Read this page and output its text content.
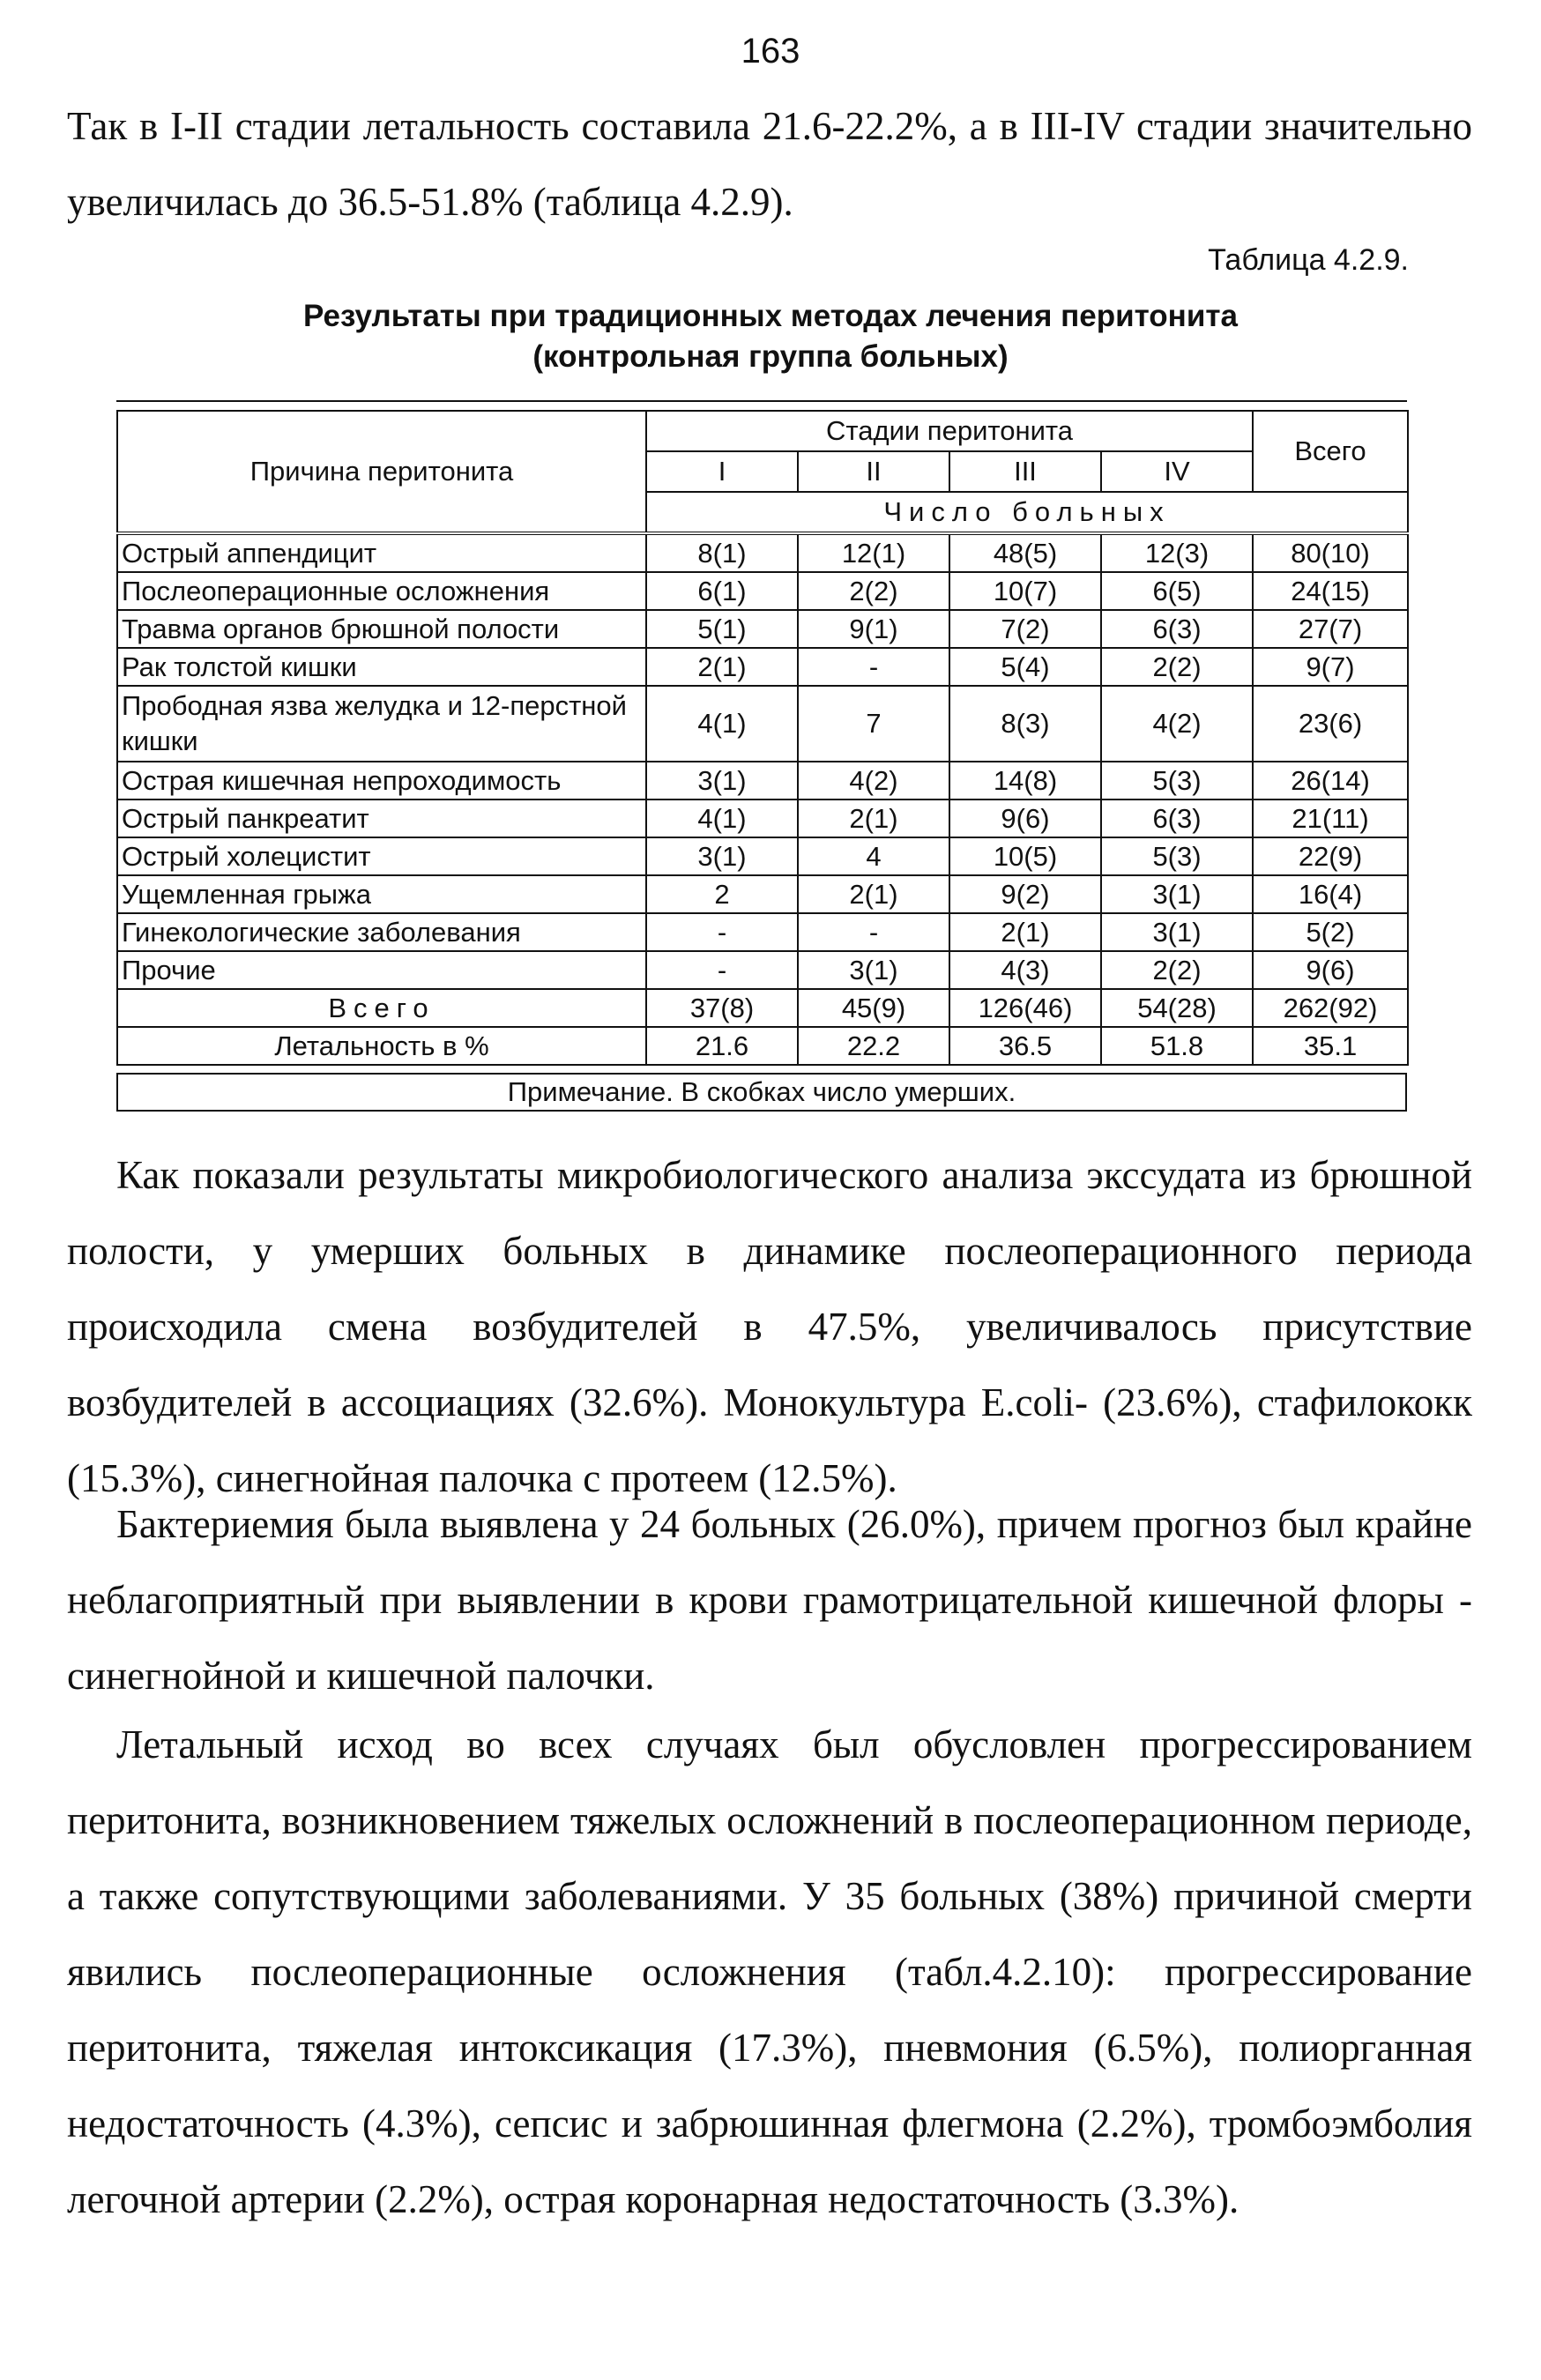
163

Так в I-II стадии летальность составила 21.6-22.2%, а в III-IV стадии значительно увеличилась до 36.5-51.8% (таблица 4.2.9).

Таблица 4.2.9.
Результаты при традиционных методах лечения перитонита
(контрольная группа больных)
Причина перитонита	Стадии перитонита				Всего
	I	II	III	IV	
	Число больных				
Острый аппендицит	8(1)	12(1)	48(5)	12(3)	80(10)
Послеоперационные осложнения	6(1)	2(2)	10(7)	6(5)	24(15)
Травма органов брюшной полости	5(1)	9(1)	7(2)	6(3)	27(7)
Рак толстой кишки	2(1)	-	5(4)	2(2)	9(7)
Прободная язва желудка и 12-перстной кишки	4(1)	7	8(3)	4(2)	23(6)
Острая кишечная непроходимость	3(1)	4(2)	14(8)	5(3)	26(14)
Острый панкреатит	4(1)	2(1)	9(6)	6(3)	21(11)
Острый холецистит	3(1)	4	10(5)	5(3)	22(9)
Ущемленная грыжа	2	2(1)	9(2)	3(1)	16(4)
Гинекологические заболевания	-	-	2(1)	3(1)	5(2)
Прочие	-	3(1)	4(3)	2(2)	9(6)
Всего	37(8)	45(9)	126(46)	54(28)	262(92)
Летальность в %	21.6	22.2	36.5	51.8	35.1
Примечание. В скобках число умерших.

Как показали результаты микробиологического анализа экссудата из брюшной полости, у умерших больных в динамике послеоперационного периода происходила смена возбудителей в 47.5%, увеличивалось присутствие возбудителей в ассоциациях (32.6%). Монокультура E.coli- (23.6%), стафилококк (15.3%), синегнойная палочка с протеем (12.5%).

Бактериемия была выявлена у 24 больных (26.0%), причем прогноз был крайне неблагоприятный при выявлении в крови грамотрицательной кишечной флоры - синегнойной и кишечной палочки.

Летальный исход во всех случаях был обусловлен прогрессированием перитонита, возникновением тяжелых осложнений в послеоперационном периоде, а также сопутствующими заболеваниями. У 35 больных (38%) причиной смерти явились послеоперационные осложнения (табл.4.2.10): прогрессирование перитонита, тяжелая интоксикация (17.3%), пневмония (6.5%), полиорганная недостаточность (4.3%), сепсис и забрюшинная флегмона (2.2%), тромбоэмболия легочной артерии (2.2%), острая коронарная недостаточность (3.3%).
